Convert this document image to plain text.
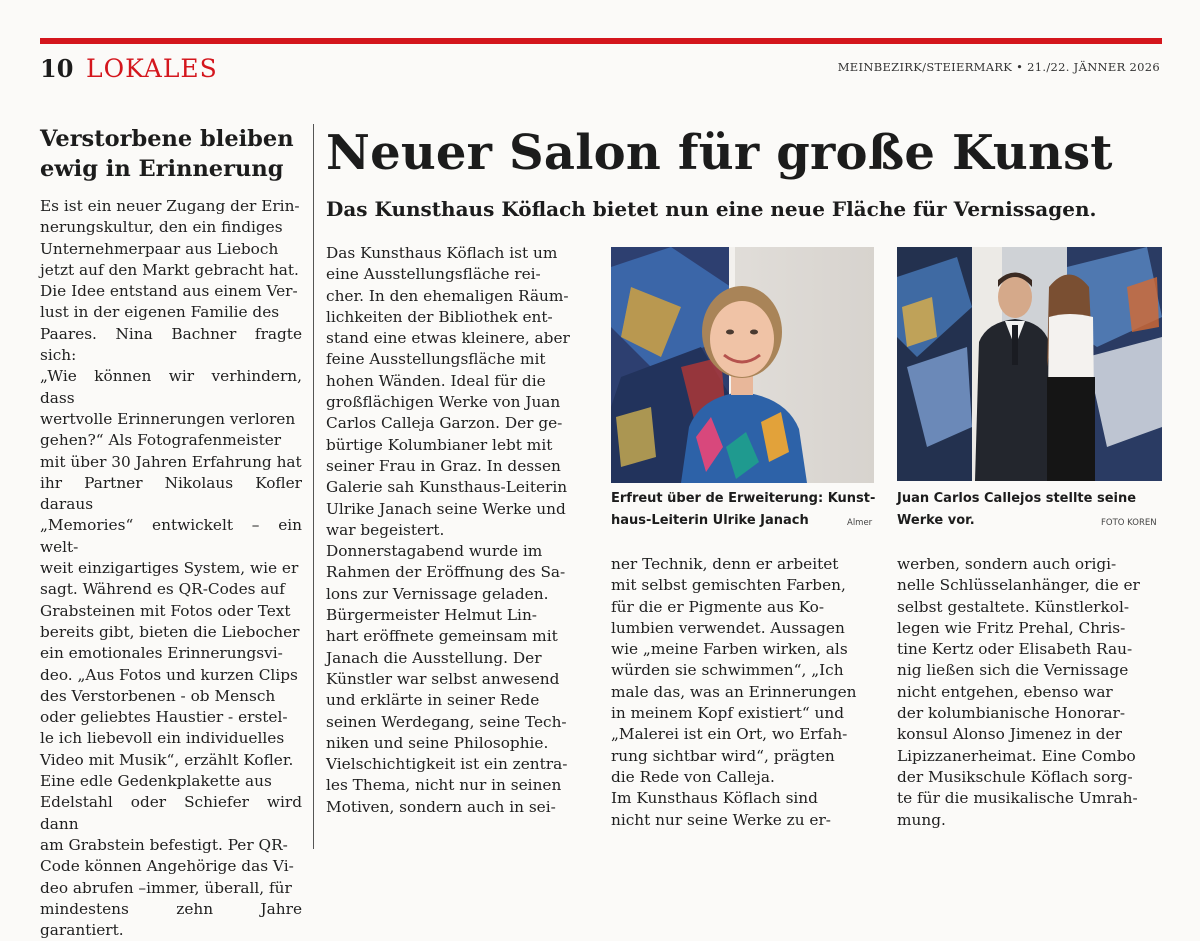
10 LOKALES	MEINBEZIRK/STEIERMARK • 21./22. JÄNNER 2026
Verstorbene bleiben
ewig in Erinnerung
Es ist ein neuer Zugang der Erin-
nerungskultur, den ein findiges
Unternehmerpaar aus Lieboch
jetzt auf den Markt gebracht hat.
Die Idee entstand aus einem Ver-
lust in der eigenen Familie des
Paares. Nina Bachner fragte sich:
„Wie können wir verhindern, dass
wertvolle Erinnerungen verloren
gehen?“ Als Fotografenmeister
mit über 30 Jahren Erfahrung hat
ihr Partner Nikolaus Kofler daraus
„Memories“ entwickelt – ein welt-
weit einzigartiges System, wie er
sagt. Während es QR-Codes auf
Grabsteinen mit Fotos oder Text
bereits gibt, bieten die Liebocher
ein emotionales Erinnerungsvi-
deo. „Aus Fotos und kurzen Clips
des Verstorbenen - ob Mensch
oder geliebtes Haustier - erstel-
le ich liebevoll ein individuelles
Video mit Musik“, erzählt Kofler.
Eine edle Gedenkplakette aus
Edelstahl oder Schiefer wird dann
am Grabstein befestigt. Per QR-
Code können Angehörige das Vi-
deo abrufen –immer, überall, für
mindestens zehn Jahre garantiert.
Neuer Salon für große Kunst
Das Kunsthaus Köflach bietet nun eine neue Fläche für Vernissagen.
Das Kunsthaus Köflach ist um
eine Ausstellungsfläche rei-
cher. In den ehemaligen Räum-
lichkeiten der Bibliothek ent-
stand eine etwas kleinere, aber
feine Ausstellungsfläche mit
hohen Wänden. Ideal für die
großflächigen Werke von Juan
Carlos Calleja Garzon. Der ge-
bürtige Kolumbianer lebt mit
seiner Frau in Graz. In dessen
Galerie sah Kunsthaus-Leiterin
Ulrike Janach seine Werke und
war begeistert.
Donnerstagabend wurde im
Rahmen der Eröffnung des Sa-
lons zur Vernissage geladen.
Bürgermeister Helmut Lin-
hart eröffnete gemeinsam mit
Janach die Ausstellung. Der
Künstler war selbst anwesend
und erklärte in seiner Rede
seinen Werdegang, seine Tech-
niken und seine Philosophie.
Vielschichtigkeit ist ein zentra-
les Thema, nicht nur in seinen
Motiven, sondern auch in sei-
ner Technik, denn er arbeitet
mit selbst gemischten Farben,
für die er Pigmente aus Ko-
lumbien verwendet. Aussagen
wie „meine Farben wirken, als
würden sie schwimmen“, „Ich
male das, was an Erinnerungen
in meinem Kopf existiert“ und
„Malerei ist ein Ort, wo Erfah-
rung sichtbar wird“, prägten
die Rede von Calleja.
Im Kunsthaus Köflach sind
nicht nur seine Werke zu er-
werben, sondern auch origi-
nelle Schlüsselanhänger, die er
selbst gestaltete. Künstlerkol-
legen wie Fritz Prehal, Chris-
tine Kertz oder Elisabeth Rau-
nig ließen sich die Vernissage
nicht entgehen, ebenso war
der kolumbianische Honorar-
konsul Alonso Jimenez in der
Lipizzanerheimat. Eine Combo
der Musikschule Köflach sorg-
te für die musikalische Umrah-
mung.
Erfreut über de Erweiterung: Kunst-
haus-Leiterin Ulrike Janach	Almer
Juan Carlos Callejos stellte seine
Werke vor.	FOTO KOREN
